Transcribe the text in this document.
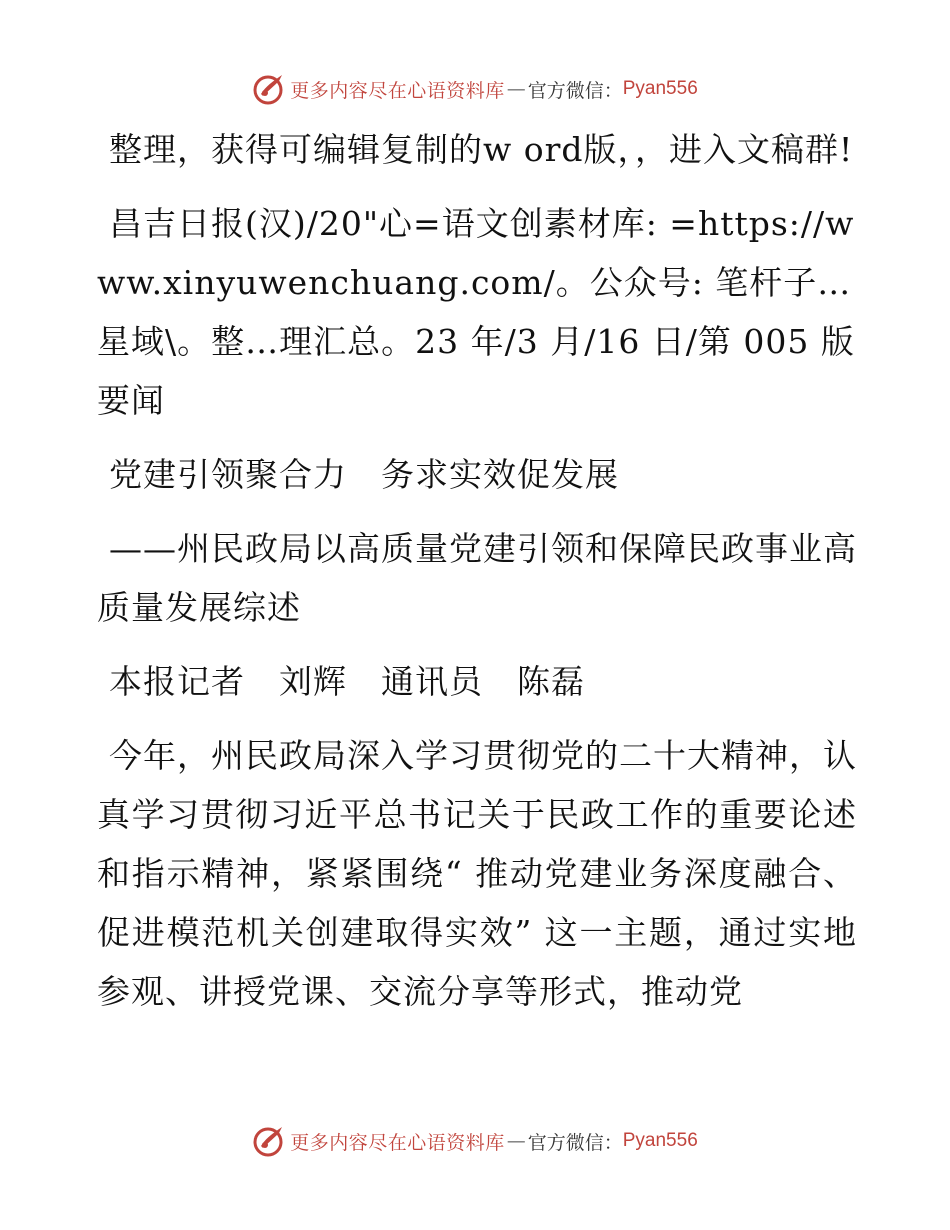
更多内容尽在心语资料库 — 官方微信： Pyan556

整理，获得可编辑复制的w ord版，，进入文稿群!

昌吉日报(汉)/20"心=语文创素材库: =https://www.xinyuwenchuang.com/。公众号: 笔杆子…星域\。整…理汇总。23 年/3 月/16 日/第 005 版要闻

党建引领聚合力　务求实效促发展

——州民政局以高质量党建引领和保障民政事业高质量发展综述

本报记者　刘辉　通讯员　陈磊

今年，州民政局深入学习贯彻党的二十大精神，认真学习贯彻习近平总书记关于民政工作的重要论述和指示精神，紧紧围绕“ 推动党建业务深度融合、促进模范机关创建取得实效” 这一主题，通过实地参观、讲授党课、交流分享等形式，推动党

更多内容尽在心语资料库 — 官方微信： Pyan556
